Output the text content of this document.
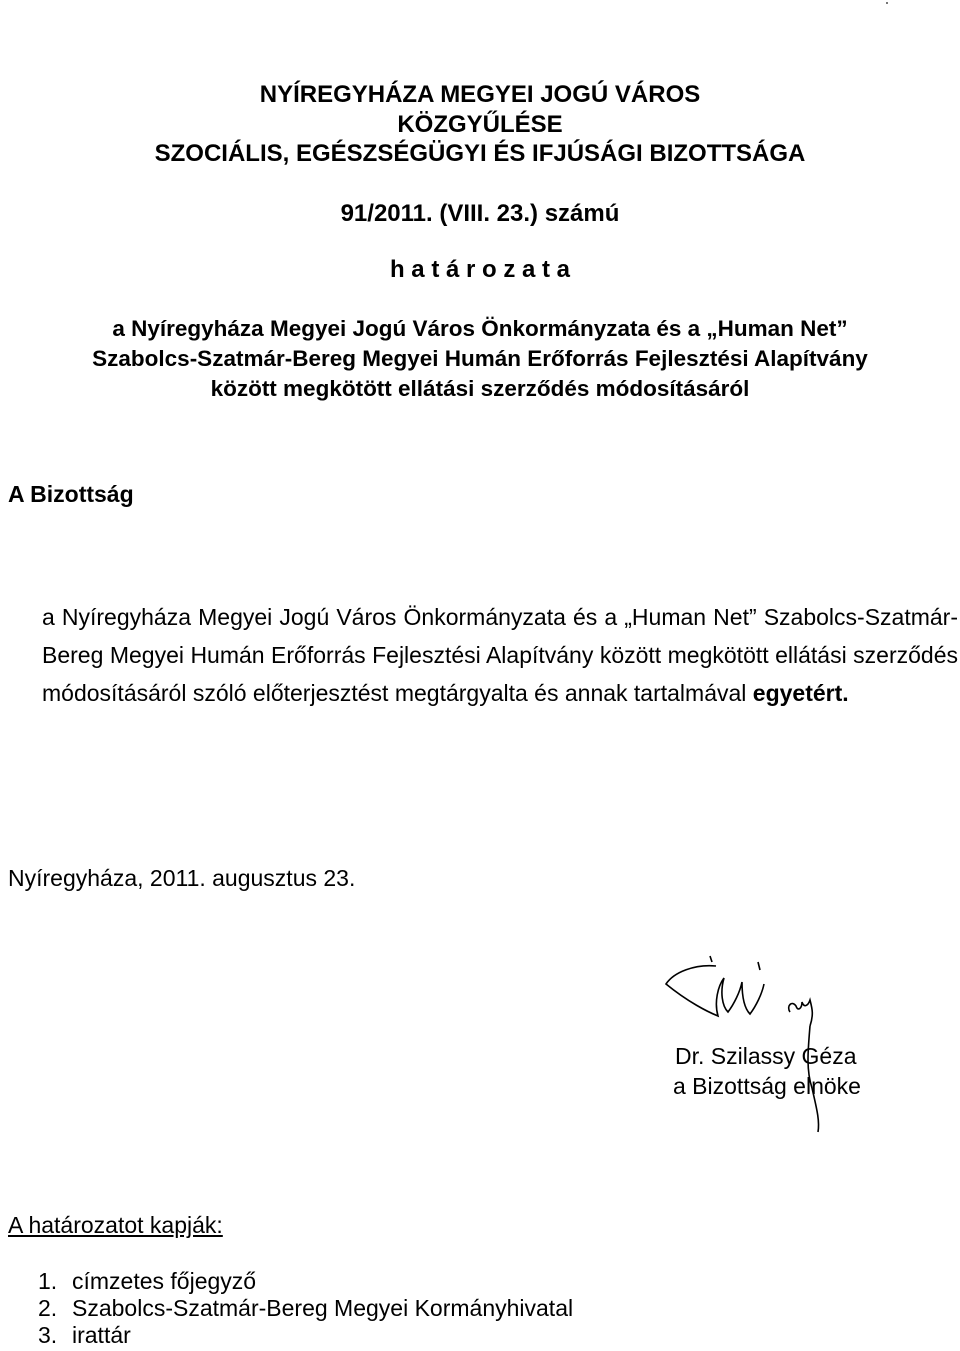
NYÍREGYHÁZA MEGYEI JOGÚ VÁROS
KÖZGYŰLÉSE
SZOCIÁLIS, EGÉSZSÉGÜGYI ÉS IFJÚSÁGI BIZOTTSÁGA
91/2011. (VIII. 23.) számú
h a t á r o z a t a
a Nyíregyháza Megyei Jogú Város Önkormányzata és a „Human Net”
Szabolcs-Szatmár-Bereg Megyei Humán Erőforrás Fejlesztési Alapítvány
között megkötött ellátási szerződés módosításáról
A Bizottság
a Nyíregyháza Megyei Jogú Város Önkormányzata és a „Human Net” Szabolcs-Szatmár-Bereg Megyei Humán Erőforrás Fejlesztési Alapítvány között megkötött ellátási szerződés módosításáról szóló előterjesztést megtárgyalta és annak tartalmával egyetért.
Nyíregyháza, 2011. augusztus 23.
Dr. Szilassy Géza
a Bizottság elnöke
A határozatot kapják:
1. címzetes főjegyző
2. Szabolcs-Szatmár-Bereg Megyei Kormányhivatal
3. irattár
